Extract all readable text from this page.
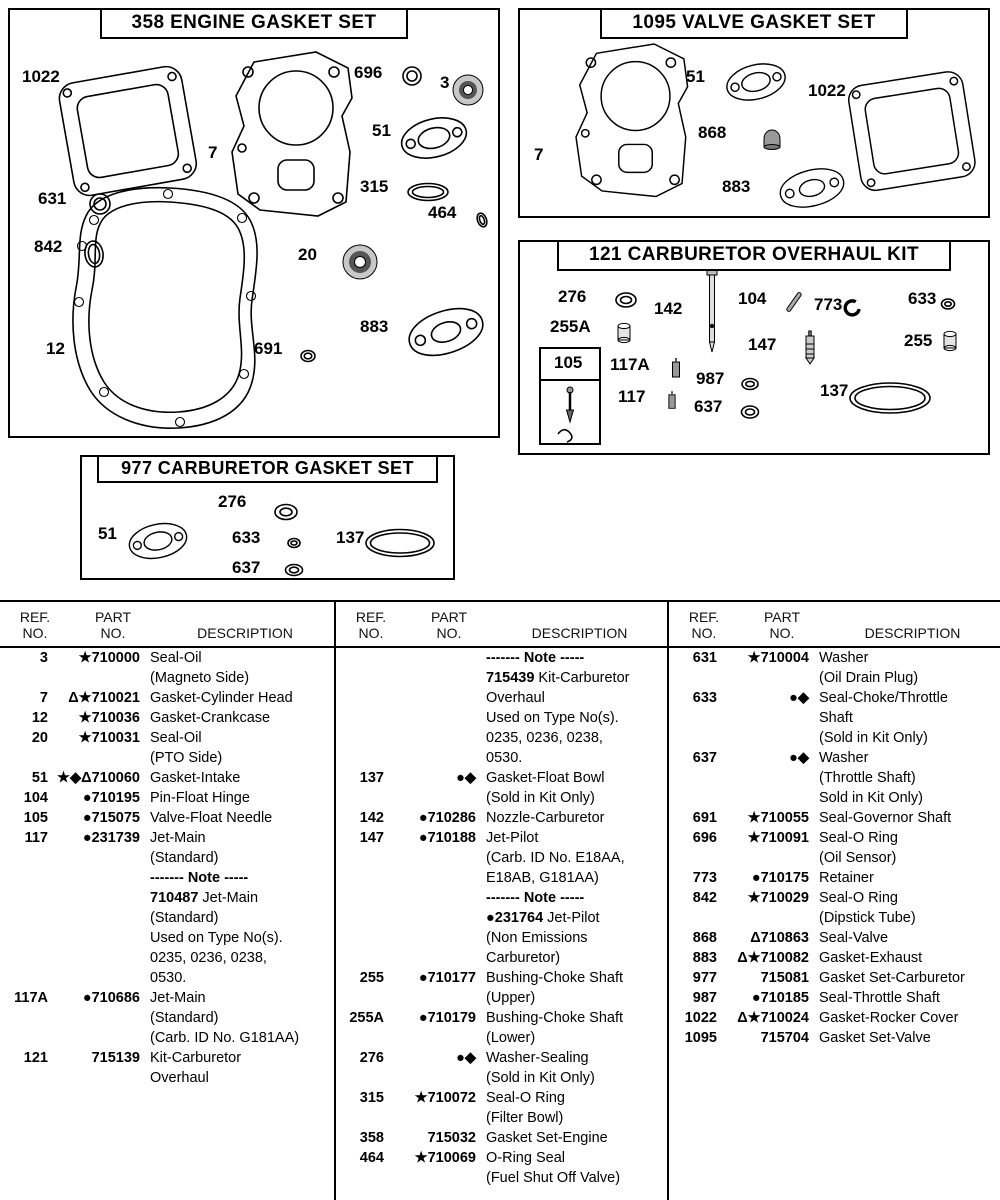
358 ENGINE GASKET SET
1022	696
3
7
51
315
464
631
842	20
883
691
12
1095 VALVE GASKET SET
51
1022
868
7
883
121 CARBURETOR OVERHAUL KIT
276
142
104	773	633
255A
147	255
105 117A
987
117
637
137
977 CARBURETOR GASKET SET
276
51	633	137
637
REF.
NO.
PART
NO.	DESCRIPTION
3	★710000 Seal-Oil
(Magneto Side)
7	Δ★710021 Gasket-Cylinder Head
12	★710036 Gasket-Crankcase
20	★710031 Seal-Oil
(PTO Side)
51 ★◆Δ710060 Gasket-Intake
104	●710195 Pin-Float Hinge
105	●715075 Valve-Float Needle
117	●231739 Jet-Main
(Standard)
------- Note -----
710487 Jet-Main
(Standard)
Used on Type No(s).
0235, 0236, 0238,
0530.
117A	●710686 Jet-Main
(Standard)
(Carb. ID No. G181AA)
121	715139 Kit-Carburetor
Overhaul
REF.
NO.
PART
NO.	DESCRIPTION
------- Note -----
715439 Kit-Carburetor
Overhaul
Used on Type No(s).
0235, 0236, 0238,
0530.
137	●◆ Gasket-Float Bowl
(Sold in Kit Only)
142	●710286 Nozzle-Carburetor
147	●710188 Jet-Pilot
(Carb. ID No. E18AA,
E18AB, G181AA)
------- Note -----
●231764 Jet-Pilot
(Non Emissions
Carburetor)
255	●710177 Bushing-Choke Shaft
(Upper)
255A	●710179 Bushing-Choke Shaft
(Lower)
276	●◆ Washer-Sealing
(Sold in Kit Only)
315	★710072 Seal-O Ring
(Filter Bowl)
358	715032 Gasket Set-Engine
464	★710069 O-Ring Seal
(Fuel Shut Off Valve)
REF.
NO.
PART
NO.	DESCRIPTION
631	★710004 Washer
(Oil Drain Plug)
633	●◆ Seal-Choke/Throttle
Shaft
(Sold in Kit Only)
637	●◆ Washer
(Throttle Shaft)
Sold in Kit Only)
691	★710055 Seal-Governor Shaft
696	★710091 Seal-O Ring
(Oil Sensor)
773	●710175 Retainer
842	★710029 Seal-O Ring
(Dipstick Tube)
868	Δ710863 Seal-Valve
883	Δ★710082 Gasket-Exhaust
977	715081 Gasket Set-Carburetor
987	●710185 Seal-Throttle Shaft
1022	Δ★710024 Gasket-Rocker Cover
1095	715704 Gasket Set-Valve
